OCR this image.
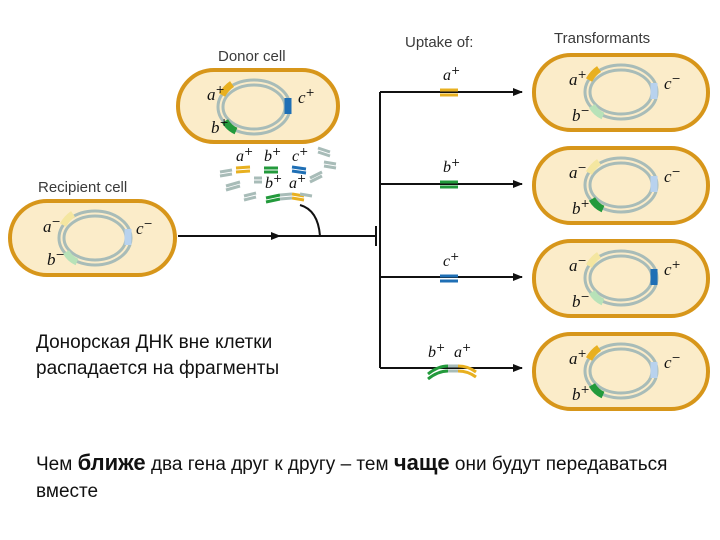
Donor cell
Recipient cell
Uptake of:	Transformants
a+
b+
c+
a+ b+ c+
b+ a+
a−
b−
c−
a+
b+
c+
b+ a+
a+
b−
c−
a−
b+
c−
a−
b−
c+
a+
b+
c−
Донорская ДНК вне клетки распадается на фрагменты
Чем ближе два гена друг к другу – тем чаще они будут передаваться вместе
